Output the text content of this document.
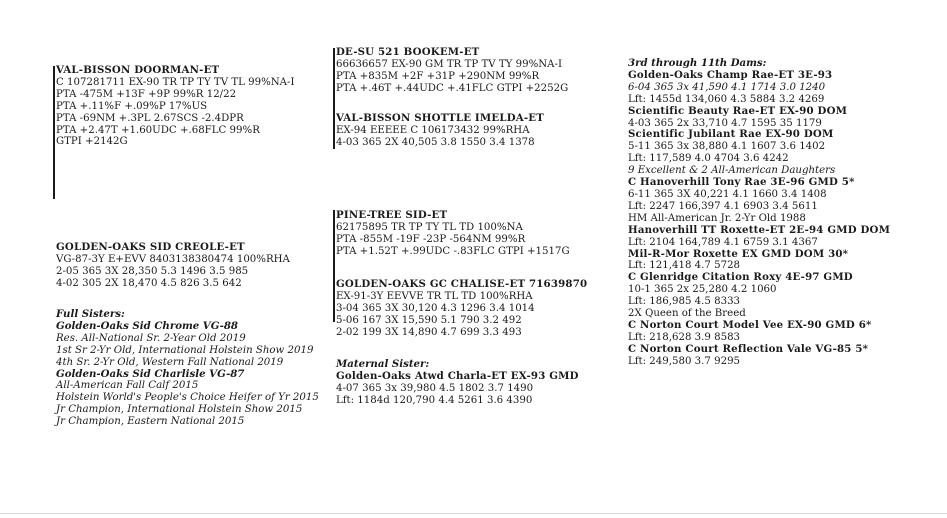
VAL-BISSON DOORMAN-ET
C 107281711 EX-90 TR TP TY TV TL 99%NA-I
PTA -475M +13F +9P 99%R 12/22
PTA +.11%F +.09%P 17%US
PTA -69NM +.3PL 2.67SCS -2.4DPR
PTA +2.47T +1.60UDC +.68FLC 99%R
GTPI +2142G
DE-SU 521 BOOKEM-ET
66636657 EX-90 GM TR TP TV TY 99%NA-I
PTA +835M +2F +31P +290NM 99%R
PTA +.46T +.44UDC +.41FLC GTPI +2252G
VAL-BISSON SHOTTLE IMELDA-ET
EX-94 EEEEE C 106173432 99%RHA
4-03 365 2X 40,505 3.8 1550 3.4 1378
GOLDEN-OAKS SID CREOLE-ET
VG-87-3Y E+EVV 8403138380474 100%RHA
2-05 365 3X 28,350 5.3 1496 3.5 985
4-02 305 2X 18,470 4.5 826 3.5 642
PINE-TREE SID-ET
62175895 TR TP TY TL TD 100%NA
PTA -855M -19F -23P -564NM 99%R
PTA +1.52T +.99UDC -.83FLC GTPI +1517G
GOLDEN-OAKS GC CHALISE-ET 71639870
EX-91-3Y EEVVE TR TL TD 100%RHA
3-04 365 3X 30,120 4.3 1296 3.4 1014
5-06 167 3X 15,590 5.1 790 3.2 492
2-02 199 3X 14,890 4.7 699 3.3 493
Full Sisters:
Golden-Oaks Sid Chrome VG-88
Res. All-National Sr. 2-Year Old 2019
1st Sr 2-Yr Old, International Holstein Show 2019
4th Sr. 2-Yr Old, Western Fall National 2019
Golden-Oaks Sid Charlisle VG-87
All-American Fall Calf 2015
Holstein World's People's Choice Heifer of Yr 2015
Jr Champion, International Holstein Show 2015
Jr Champion, Eastern National 2015
Maternal Sister:
Golden-Oaks Atwd Charla-ET EX-93 GMD
4-07 365 3x 39,980 4.5 1802 3.7 1490
Lft: 1184d 120,790 4.4 5261 3.6 4390
3rd through 11th Dams:
Golden-Oaks Champ Rae-ET 3E-93
6-04 365 3x 41,590 4.1 1714 3.0 1240
Lft: 1455d 134,060 4.3 5884 3.2 4269
Scientific Beauty Rae-ET EX-90 DOM
4-03 365 2x 33,710 4.7 1595 35 1179
Scientific Jubilant Rae EX-90 DOM
5-11 365 3x 38,880 4.1 1607 3.6 1402
Lft: 117,589 4.0 4704 3.6 4242
9 Excellent & 2 All-American Daughters
C Hanoverhill Tony Rae 3E-96 GMD 5*
6-11 365 3X 40,221 4.1 1660 3.4 1408
Lft: 2247 166,397 4.1 6903 3.4 5611
HM All-American Jr. 2-Yr Old 1988
Hanoverhill TT Roxette-ET 2E-94 GMD DOM
Lft: 2104 164,789 4.1 6759 3.1 4367
Mil-R-Mor Roxette EX GMD DOM 30*
Lft: 121,418 4.7 5728
C Glenridge Citation Roxy 4E-97 GMD
10-1 365 2x 25,280 4.2 1060
Lft: 186,985 4.5 8333
2X Queen of the Breed
C Norton Court Model Vee EX-90 GMD 6*
Lft: 218,628 3.9 8583
C Norton Court Reflection Vale VG-85 5*
Lft: 249,580 3.7 9295
